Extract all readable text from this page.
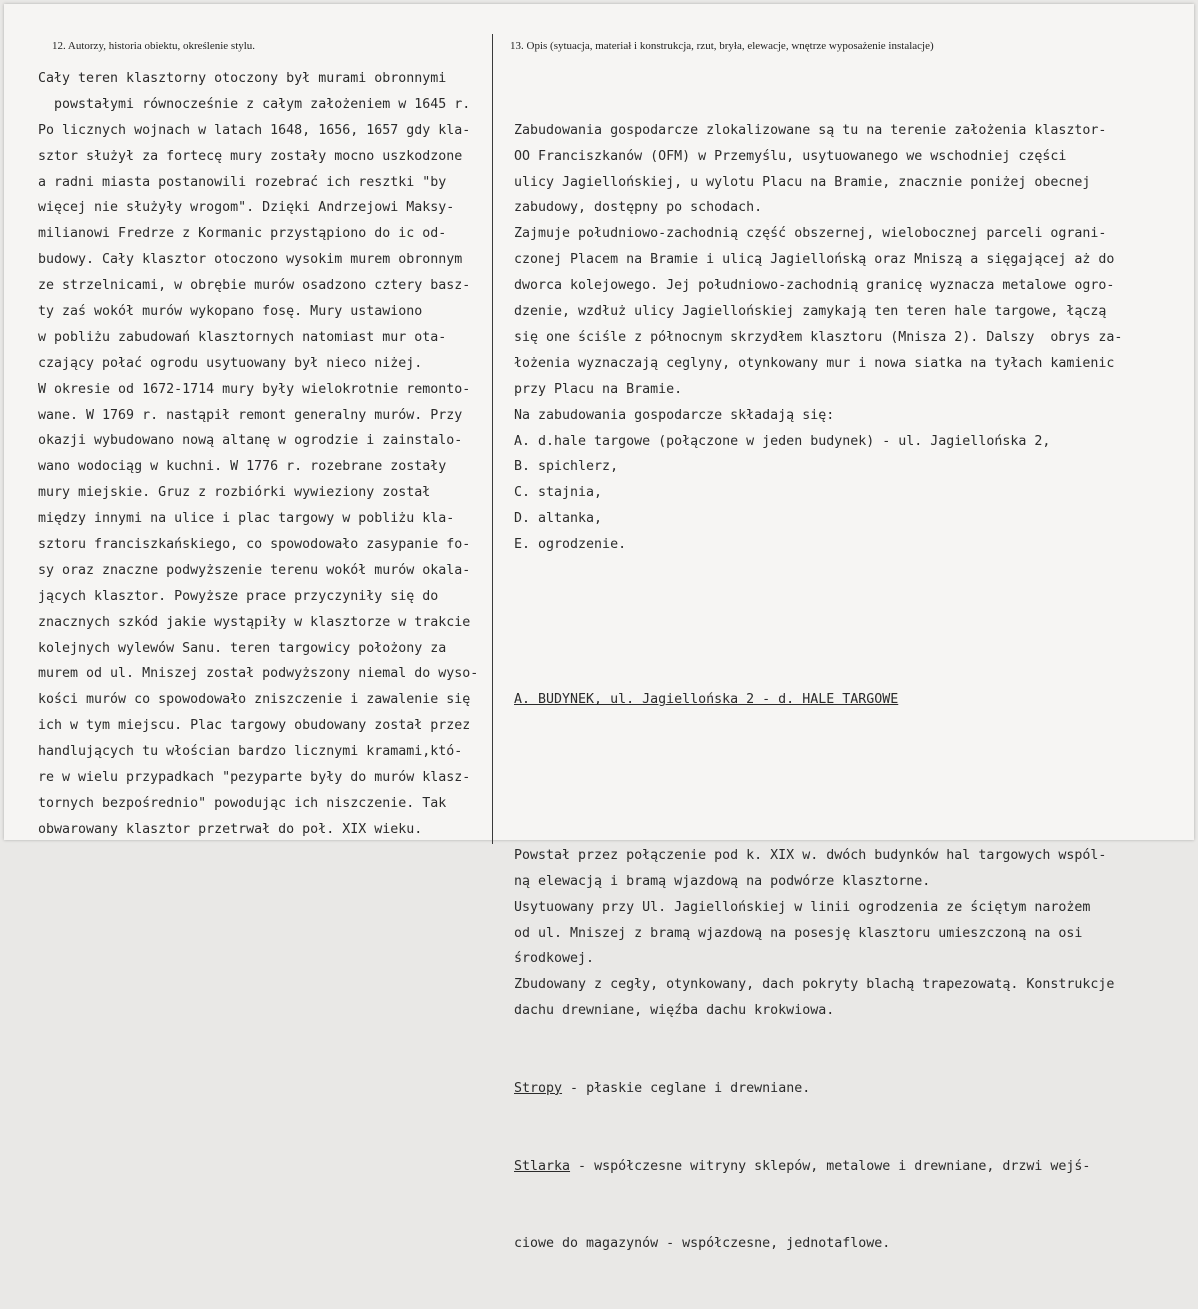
12. Autorzy, historia obiektu, określenie stylu.	13. Opis (sytuacja, materiał i konstrukcja, rzut, bryła, elewacje, wnętrze wyposażenie instalacje)
Cały teren klasztorny otoczony był murami obronnymi
powstałymi równocześnie z całym założeniem w 1645 r.
Po licznych wojnach w latach 1648, 1656, 1657 gdy kla-
sztor służył za fortecę mury zostały mocno uszkodzone
a radni miasta postanowili rozebrać ich resztki "by
więcej nie służyły wrogom". Dzięki Andrzejowi Maksy-
milianowi Fredrze z Kormanic przystąpiono do ic od-
budowy. Cały klasztor otoczono wysokim murem obronnym
ze strzelnicami, w obrębie murów osadzono cztery basz-
ty zaś wokół murów wykopano fosę. Mury ustawiono
w pobliżu zabudowań klasztornych natomiast mur ota-
czający połać ogrodu usytuowany był nieco niżej.
W okresie od 1672-1714 mury były wielokrotnie remonto-
wane. W 1769 r. nastąpił remont generalny murów. Przy
okazji wybudowano nową altanę w ogrodzie i zainstalo-
wano wodociąg w kuchni. W 1776 r. rozebrane zostały
mury miejskie. Gruz z rozbiórki wywieziony został
między innymi na ulice i plac targowy w pobliżu kla-
sztoru franciszkańskiego, co spowodowało zasypanie fo-
sy oraz znaczne podwyższenie terenu wokół murów okala-
jących klasztor. Powyższe prace przyczyniły się do
znacznych szkód jakie wystąpiły w klasztorze w trakcie
kolejnych wylewów Sanu. teren targowicy położony za
murem od ul. Mniszej został podwyższony niemal do wyso-
kości murów co spowodowało zniszczenie i zawalenie się
ich w tym miejscu. Plac targowy obudowany został przez
handlujących tu włościan bardzo licznymi kramami,któ-
re w wielu przypadkach "pezyparte były do murów klasz-
tornych bezpośrednio" powodując ich niszczenie. Tak
obwarowany klasztor przetrwał do poł. XIX wieku.

Zabudowania gospodarcze zlokalizowane są tu na terenie założenia klasztor-
OO Franciszkanów (OFM) w Przemyślu, usytuowanego we wschodniej części
ulicy Jagiellońskiej, u wylotu Placu na Bramie, znacznie poniżej obecnej
zabudowy, dostępny po schodach.
Zajmuje południowo-zachodnią część obszernej, wielobocznej parceli ograni-
czonej Placem na Bramie i ulicą Jagiellońską oraz Mniszą a sięgającej aż do
dworca kolejowego. Jej południowo-zachodnią granicę wyznacza metalowe ogro-
dzenie, wzdłuż ulicy Jagiellońskiej zamykają ten teren hale targowe, łączą
się one ściśle z północnym skrzydłem klasztoru (Mnisza 2). Dalszy  obrys za-
łożenia wyznaczają ceglyny, otynkowany mur i nowa siatka na tyłach kamienic
przy Placu na Bramie.
Na zabudowania gospodarcze składają się:
A. d.hale targowe (połączone w jeden budynek) - ul. Jagiellońska 2,
B. spichlerz,
C. stajnia,
D. altanka,
E. ogrodzenie.

A. BUDYNEK, ul. Jagiellońska 2 - d. HALE TARGOWE

Powstał przez połączenie pod k. XIX w. dwóch budynków hal targowych wspól-
ną elewacją i bramą wjazdową na podwórze klasztorne.
Usytuowany przy Ul. Jagiellońskiej w linii ogrodzenia ze ściętym narożem
od ul. Mniszej z bramą wjazdową na posesję klasztoru umieszczoną na osi
środkowej.
Zbudowany z cegły, otynkowany, dach pokryty blachą trapezowatą. Konstrukcje
dachu drewniane, więźba dachu krokwiowa.

Stropy - płaskie ceglane i drewniane.

Stlarka - współczesne witryny sklepów, metalowe i drewniane, drzwi wejś-

ciowe do magazynów - współczesne, jednotaflowe.
